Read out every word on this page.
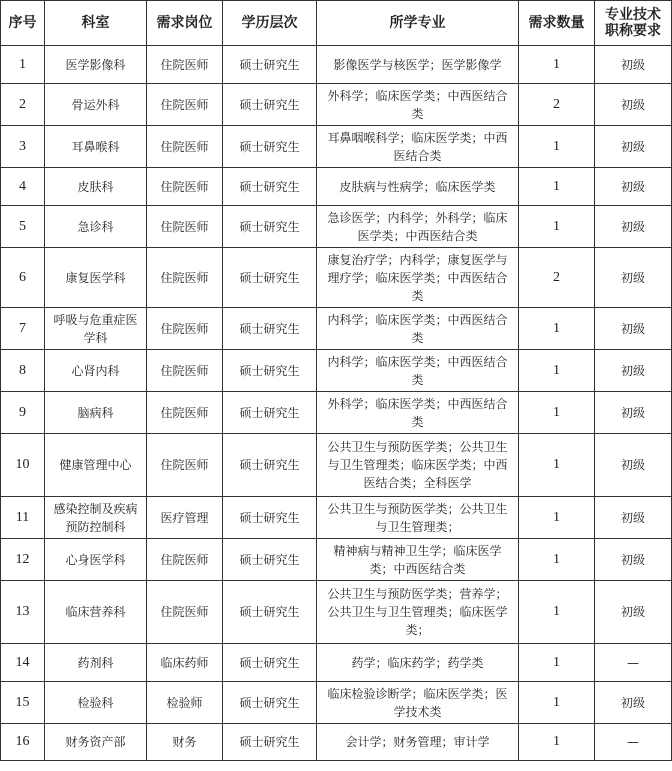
序号	科室	需求岗位	学历层次	所学专业	需求数量	专业技术职称要求
1	医学影像科	住院医师	硕士研究生	影像医学与核医学；医学影像学	1	初级
2	骨运外科	住院医师	硕士研究生	外科学；临床医学类；中西医结合类	2	初级
3	耳鼻喉科	住院医师	硕士研究生	耳鼻咽喉科学；临床医学类；中西医结合类	1	初级
4	皮肤科	住院医师	硕士研究生	皮肤病与性病学；临床医学类	1	初级
5	急诊科	住院医师	硕士研究生	急诊医学；内科学；外科学；临床医学类；中西医结合类	1	初级
6	康复医学科	住院医师	硕士研究生	康复治疗学；内科学；康复医学与理疗学；临床医学类；中西医结合类	2	初级
7	呼吸与危重症医学科	住院医师	硕士研究生	内科学；临床医学类；中西医结合类	1	初级
8	心肾内科	住院医师	硕士研究生	内科学；临床医学类；中西医结合类	1	初级
9	脑病科	住院医师	硕士研究生	外科学；临床医学类；中西医结合类	1	初级
10	健康管理中心	住院医师	硕士研究生	公共卫生与预防医学类；公共卫生与卫生管理类；临床医学类；中西医结合类；全科医学	1	初级
11	感染控制及疾病预防控制科	医疗管理	硕士研究生	公共卫生与预防医学类；公共卫生与卫生管理类；	1	初级
12	心身医学科	住院医师	硕士研究生	精神病与精神卫生学；临床医学类；中西医结合类	1	初级
13	临床营养科	住院医师	硕士研究生	公共卫生与预防医学类；营养学；公共卫生与卫生管理类；临床医学类；	1	初级
14	药剂科	临床药师	硕士研究生	药学；临床药学；药学类	1	—
15	检验科	检验师	硕士研究生	临床检验诊断学；临床医学类；医学技术类	1	初级
16	财务资产部	财务	硕士研究生	会计学；财务管理；审计学	1	—
